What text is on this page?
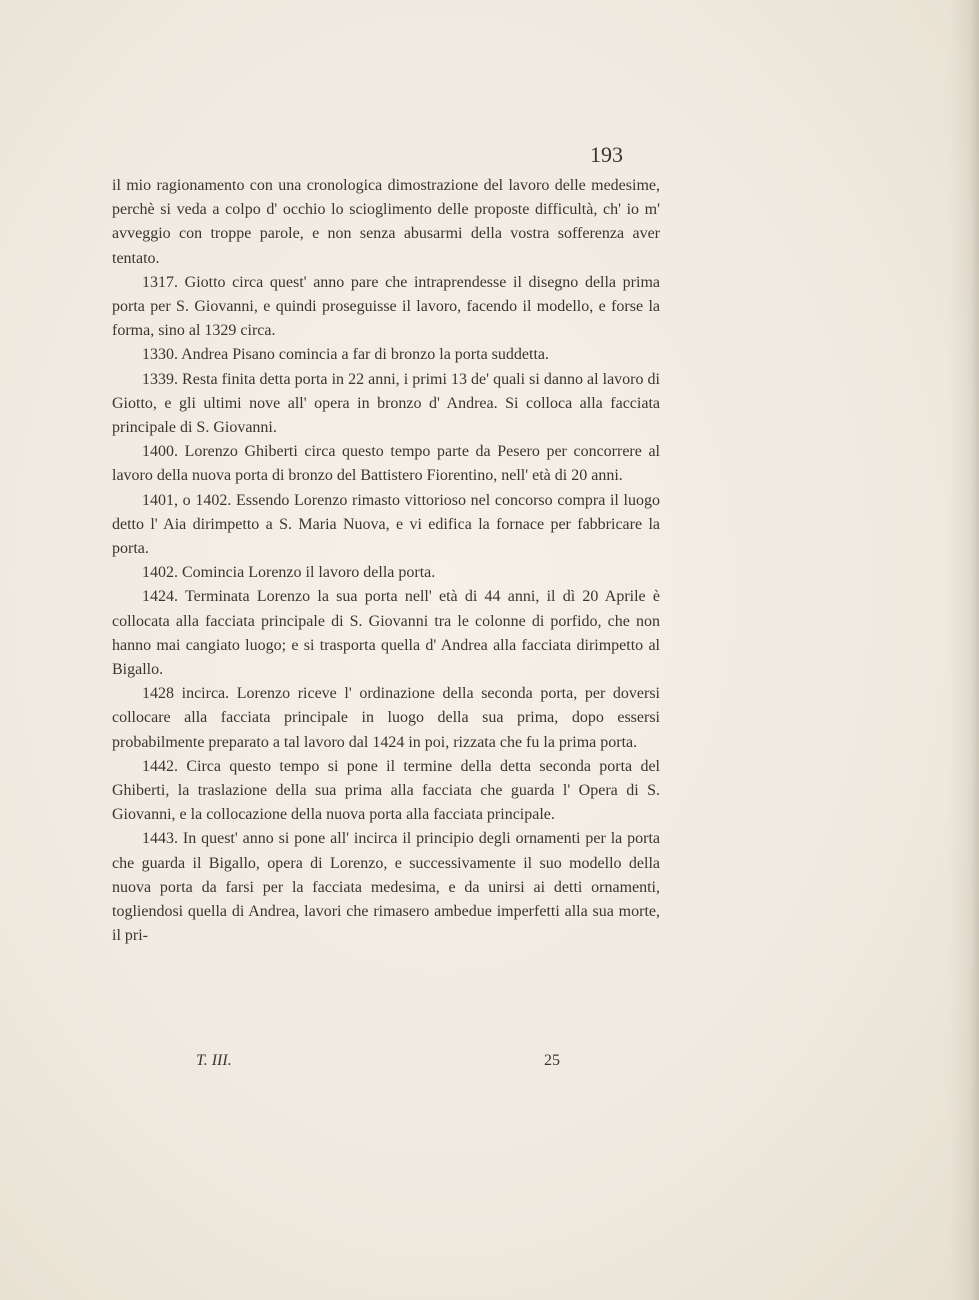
193

il mio ragionamento con una cronologica dimostrazione del lavoro delle medesime, perchè si veda a colpo d' occhio lo scioglimento delle proposte difficultà, ch' io m' avveggio con troppe parole, e non senza abusarmi della vostra sofferenza aver tentato.

1317. Giotto circa quest' anno pare che intraprendesse il disegno della prima porta per S. Giovanni, e quindi proseguisse il lavoro, facendo il modello, e forse la forma, sino al 1329 circa.

1330. Andrea Pisano comincia a far di bronzo la porta suddetta.

1339. Resta finita detta porta in 22 anni, i primi 13 de' quali si danno al lavoro di Giotto, e gli ultimi nove all' opera in bronzo d' Andrea. Si colloca alla facciata principale di S. Giovanni.

1400. Lorenzo Ghiberti circa questo tempo parte da Pesero per concorrere al lavoro della nuova porta di bronzo del Battistero Fiorentino, nell' età di 20 anni.

1401, o 1402. Essendo Lorenzo rimasto vittorioso nel concorso compra il luogo detto l' Aia dirimpetto a S. Maria Nuova, e vi edifica la fornace per fabbricare la porta.

1402. Comincia Lorenzo il lavoro della porta.

1424. Terminata Lorenzo la sua porta nell' età di 44 anni, il dì 20 Aprile è collocata alla facciata principale di S. Giovanni tra le colonne di porfido, che non hanno mai cangiato luogo; e si trasporta quella d' Andrea alla facciata dirimpetto al Bigallo.

1428 incirca. Lorenzo riceve l' ordinazione della seconda porta, per doversi collocare alla facciata principale in luogo della sua prima, dopo essersi probabilmente preparato a tal lavoro dal 1424 in poi, rizzata che fu la prima porta.

1442. Circa questo tempo si pone il termine della detta seconda porta del Ghiberti, la traslazione della sua prima alla facciata che guarda l' Opera di S. Giovanni, e la collocazione della nuova porta alla facciata principale.

1443. In quest' anno si pone all' incirca il principio degli ornamenti per la porta che guarda il Bigallo, opera di Lorenzo, e successivamente il suo modello della nuova porta da farsi per la facciata medesima, e da unirsi ai detti ornamenti, togliendosi quella di Andrea, lavori che rimasero ambedue imperfetti alla sua morte, il pri-

T. III.	25
